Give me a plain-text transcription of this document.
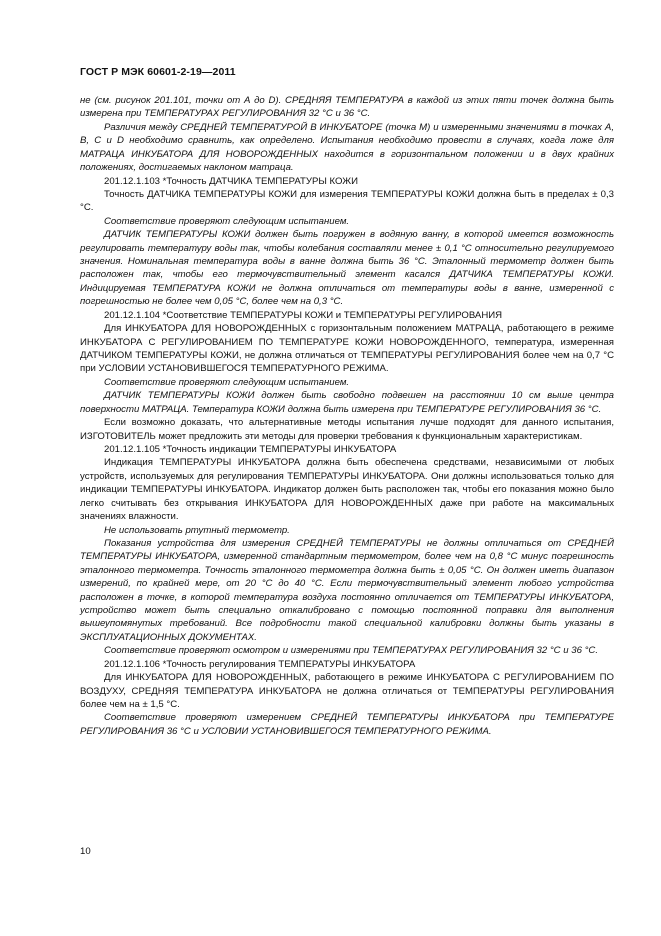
ГОСТ Р МЭК 60601-2-19—2011

не (см. рисунок 201.101, точки от А до D). СРЕДНЯЯ ТЕМПЕРАТУРА в каждой из этих пяти точек должна быть измерена при ТЕМПЕРАТУРАХ РЕГУЛИРОВАНИЯ 32 °С и 36 °С.

Различия между СРЕДНЕЙ ТЕМПЕРАТУРОЙ В ИНКУБАТОРЕ (точка М) и измеренными значениями в точках А, В, С и D необходимо сравнить, как определено. Испытания необходимо провести в случаях, когда ложе для МАТРАЦА ИНКУБАТОРА ДЛЯ НОВОРОЖДЕННЫХ находится в горизонтальном положении и в двух крайних положениях, достигаемых наклоном матраца.

201.12.1.103 *Точность ДАТЧИКА ТЕМПЕРАТУРЫ КОЖИ

Точность ДАТЧИКА ТЕМПЕРАТУРЫ КОЖИ для измерения ТЕМПЕРАТУРЫ КОЖИ должна быть в пределах ± 0,3 °С.

Соответствие проверяют следующим испытанием.

ДАТЧИК ТЕМПЕРАТУРЫ КОЖИ должен быть погружен в водяную ванну, в которой имеется возможность регулировать температуру воды так, чтобы колебания составляли менее ± 0,1 °С относительно регулируемого значения. Номинальная температура воды в ванне должна быть 36 °С. Эталонный термометр должен быть расположен так, чтобы его термочувствительный элемент касался ДАТЧИКА ТЕМПЕРАТУРЫ КОЖИ. Индицируемая ТЕМПЕРАТУРА КОЖИ не должна отличаться от температуры воды в ванне, измеренной с погрешностью не более чем 0,05 °С, более чем на 0,3 °С.

201.12.1.104 *Соответствие ТЕМПЕРАТУРЫ КОЖИ и ТЕМПЕРАТУРЫ РЕГУЛИРОВАНИЯ

Для ИНКУБАТОРА ДЛЯ НОВОРОЖДЕННЫХ с горизонтальным положением МАТРАЦА, работающего в режиме ИНКУБАТОРА С РЕГУЛИРОВАНИЕМ ПО ТЕМПЕРАТУРЕ КОЖИ НОВОРОЖДЕННОГО, температура, измеренная ДАТЧИКОМ ТЕМПЕРАТУРЫ КОЖИ, не должна отличаться от ТЕМПЕРАТУРЫ РЕГУЛИРОВАНИЯ более чем на 0,7 °С при УСЛОВИИ УСТАНОВИВШЕГОСЯ ТЕМПЕРАТУРНОГО РЕЖИМА.

Соответствие проверяют следующим испытанием.

ДАТЧИК ТЕМПЕРАТУРЫ КОЖИ должен быть свободно подвешен на расстоянии 10 см выше центра поверхности МАТРАЦА. Температура КОЖИ должна быть измерена при ТЕМПЕРАТУРЕ РЕГУЛИРОВАНИЯ 36 °С.

Если возможно доказать, что альтернативные методы испытания лучше подходят для данного испытания, ИЗГОТОВИТЕЛЬ может предложить эти методы для проверки требования к функциональным характеристикам.

201.12.1.105 *Точность индикации ТЕМПЕРАТУРЫ ИНКУБАТОРА

Индикация ТЕМПЕРАТУРЫ ИНКУБАТОРА должна быть обеспечена средствами, независимыми от любых устройств, используемых для регулирования ТЕМПЕРАТУРЫ ИНКУБАТОРА. Они должны использоваться только для индикации ТЕМПЕРАТУРЫ ИНКУБАТОРА. Индикатор должен быть расположен так, чтобы его показания можно было легко считывать без открывания ИНКУБАТОРА ДЛЯ НОВОРОЖДЕННЫХ даже при работе на максимальных значениях влажности.

Не использовать ртутный термометр.

Показания устройства для измерения СРЕДНЕЙ ТЕМПЕРАТУРЫ не должны отличаться от СРЕДНЕЙ ТЕМПЕРАТУРЫ ИНКУБАТОРА, измеренной стандартным термометром, более чем на 0,8 °С минус погрешность эталонного термометра. Точность эталонного термометра должна быть ± 0,05 °С. Он должен иметь диапазон измерений, по крайней мере, от 20 °С до 40 °С. Если термочувствительный элемент любого устройства расположен в точке, в которой температура воздуха постоянно отличается от ТЕМПЕРАТУРЫ ИНКУБАТОРА, устройство может быть специально откалибровано с помощью постоянной поправки для выполнения вышеупомянутых требований. Все подробности такой специальной калибровки должны быть указаны в ЭКСПЛУАТАЦИОННЫХ ДОКУМЕНТАХ.

Соответствие проверяют осмотром и измерениями при ТЕМПЕРАТУРАХ РЕГУЛИРОВАНИЯ 32 °С и 36 °С.

201.12.1.106 *Точность регулирования ТЕМПЕРАТУРЫ ИНКУБАТОРА

Для ИНКУБАТОРА ДЛЯ НОВОРОЖДЕННЫХ, работающего в режиме ИНКУБАТОРА С РЕГУЛИРОВАНИЕМ ПО ВОЗДУХУ, СРЕДНЯЯ ТЕМПЕРАТУРА ИНКУБАТОРА не должна отличаться от ТЕМПЕРАТУРЫ РЕГУЛИРОВАНИЯ более чем на ± 1,5 °С.

Соответствие проверяют измерением СРЕДНЕЙ ТЕМПЕРАТУРЫ ИНКУБАТОРА при ТЕМПЕРАТУРЕ РЕГУЛИРОВАНИЯ 36 °С и УСЛОВИИ УСТАНОВИВШЕГОСЯ ТЕМПЕРАТУРНОГО РЕЖИМА.

10
